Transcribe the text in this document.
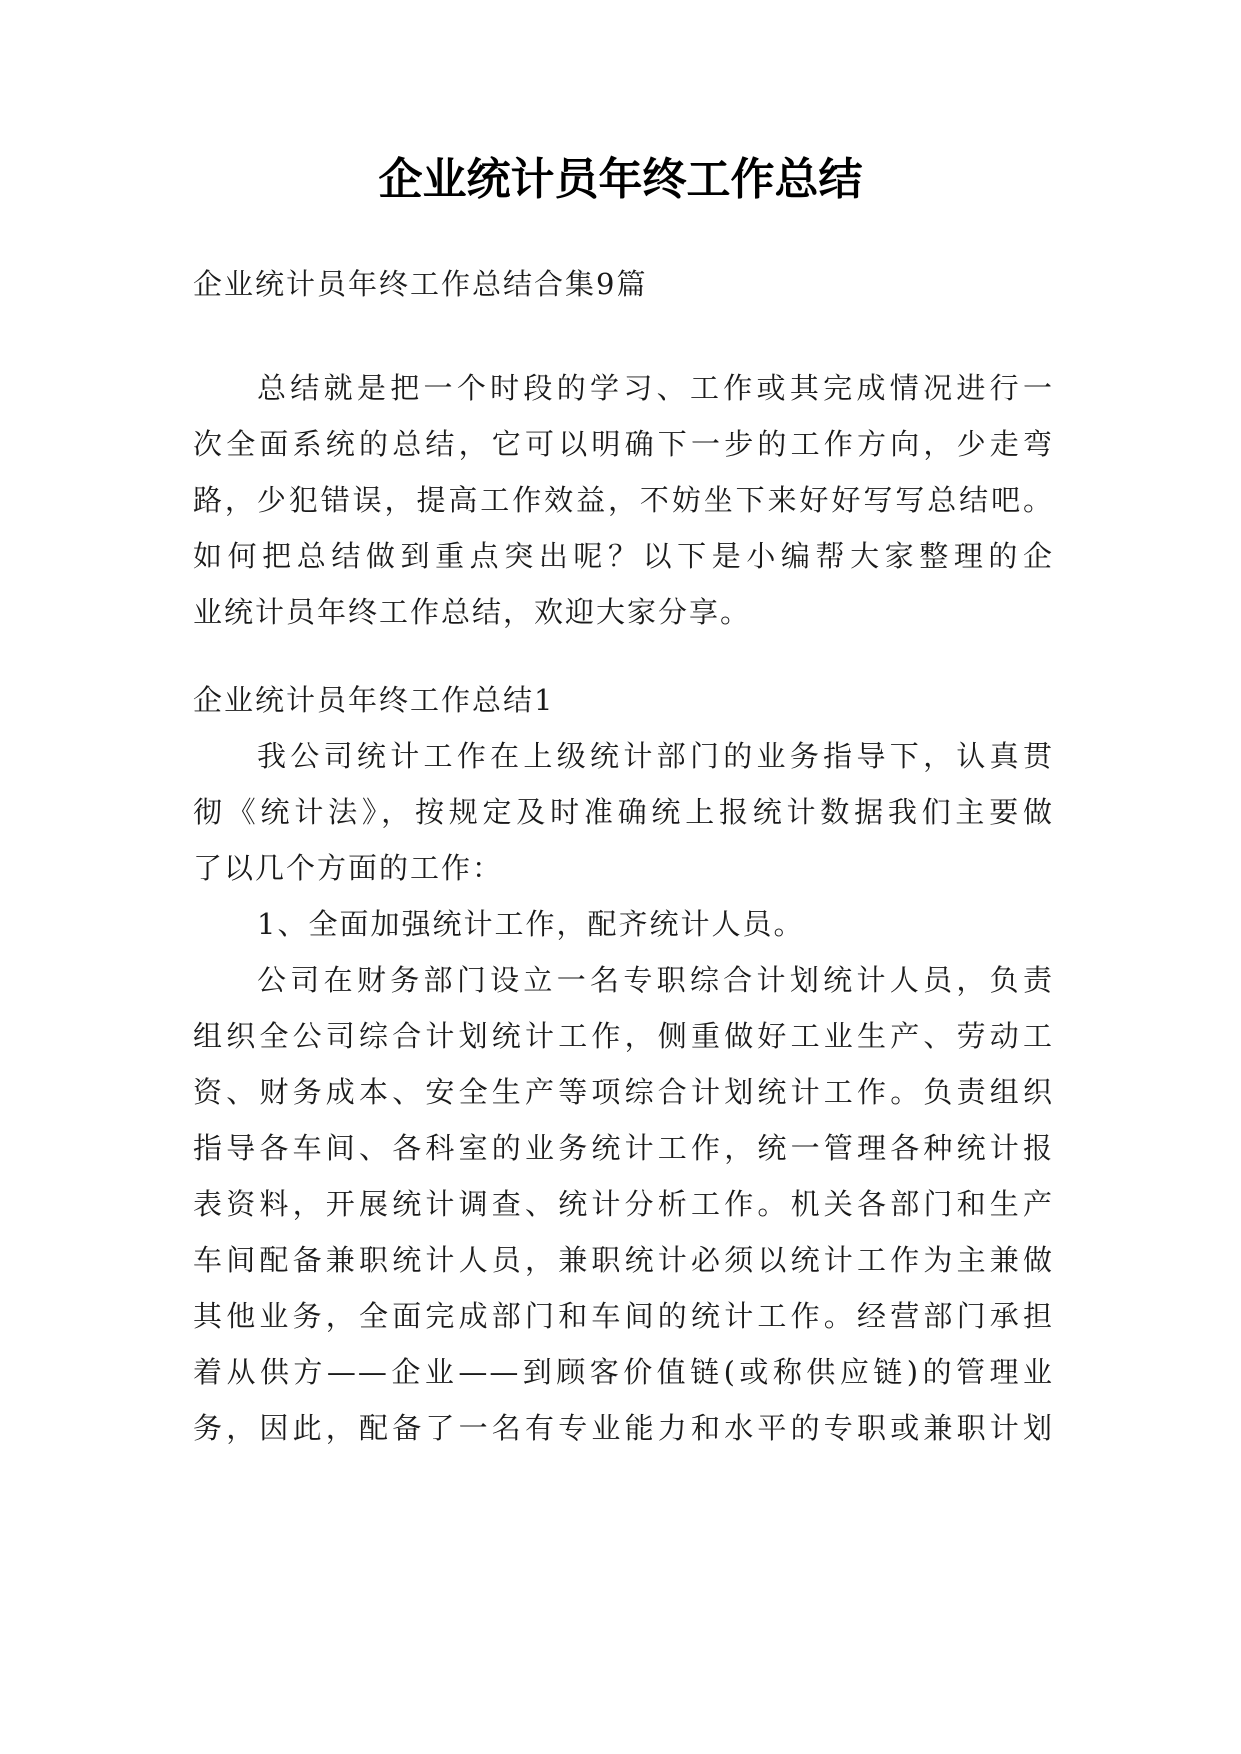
企业统计员年终工作总结
企业统计员年终工作总结合集9篇
总结就是把一个时段的学习、工作或其完成情况进行一
次全面系统的总结，它可以明确下一步的工作方向，少走弯
路，少犯错误，提高工作效益，不妨坐下来好好写写总结吧。
如何把总结做到重点突出呢？以下是小编帮大家整理的企
业统计员年终工作总结，欢迎大家分享。
企业统计员年终工作总结1
我公司统计工作在上级统计部门的业务指导下，认真贯
彻《统计法》，按规定及时准确统上报统计数据我们主要做
了以几个方面的工作：
1、全面加强统计工作，配齐统计人员。
公司在财务部门设立一名专职综合计划统计人员，负责
组织全公司综合计划统计工作，侧重做好工业生产、劳动工
资、财务成本、安全生产等项综合计划统计工作。负责组织
指导各车间、各科室的业务统计工作，统一管理各种统计报
表资料，开展统计调查、统计分析工作。机关各部门和生产
车间配备兼职统计人员，兼职统计必须以统计工作为主兼做
其他业务，全面完成部门和车间的统计工作。经营部门承担
着从供方——企业——到顾客价值链(或称供应链)的管理业
务，因此，配备了一名有专业能力和水平的专职或兼职计划
